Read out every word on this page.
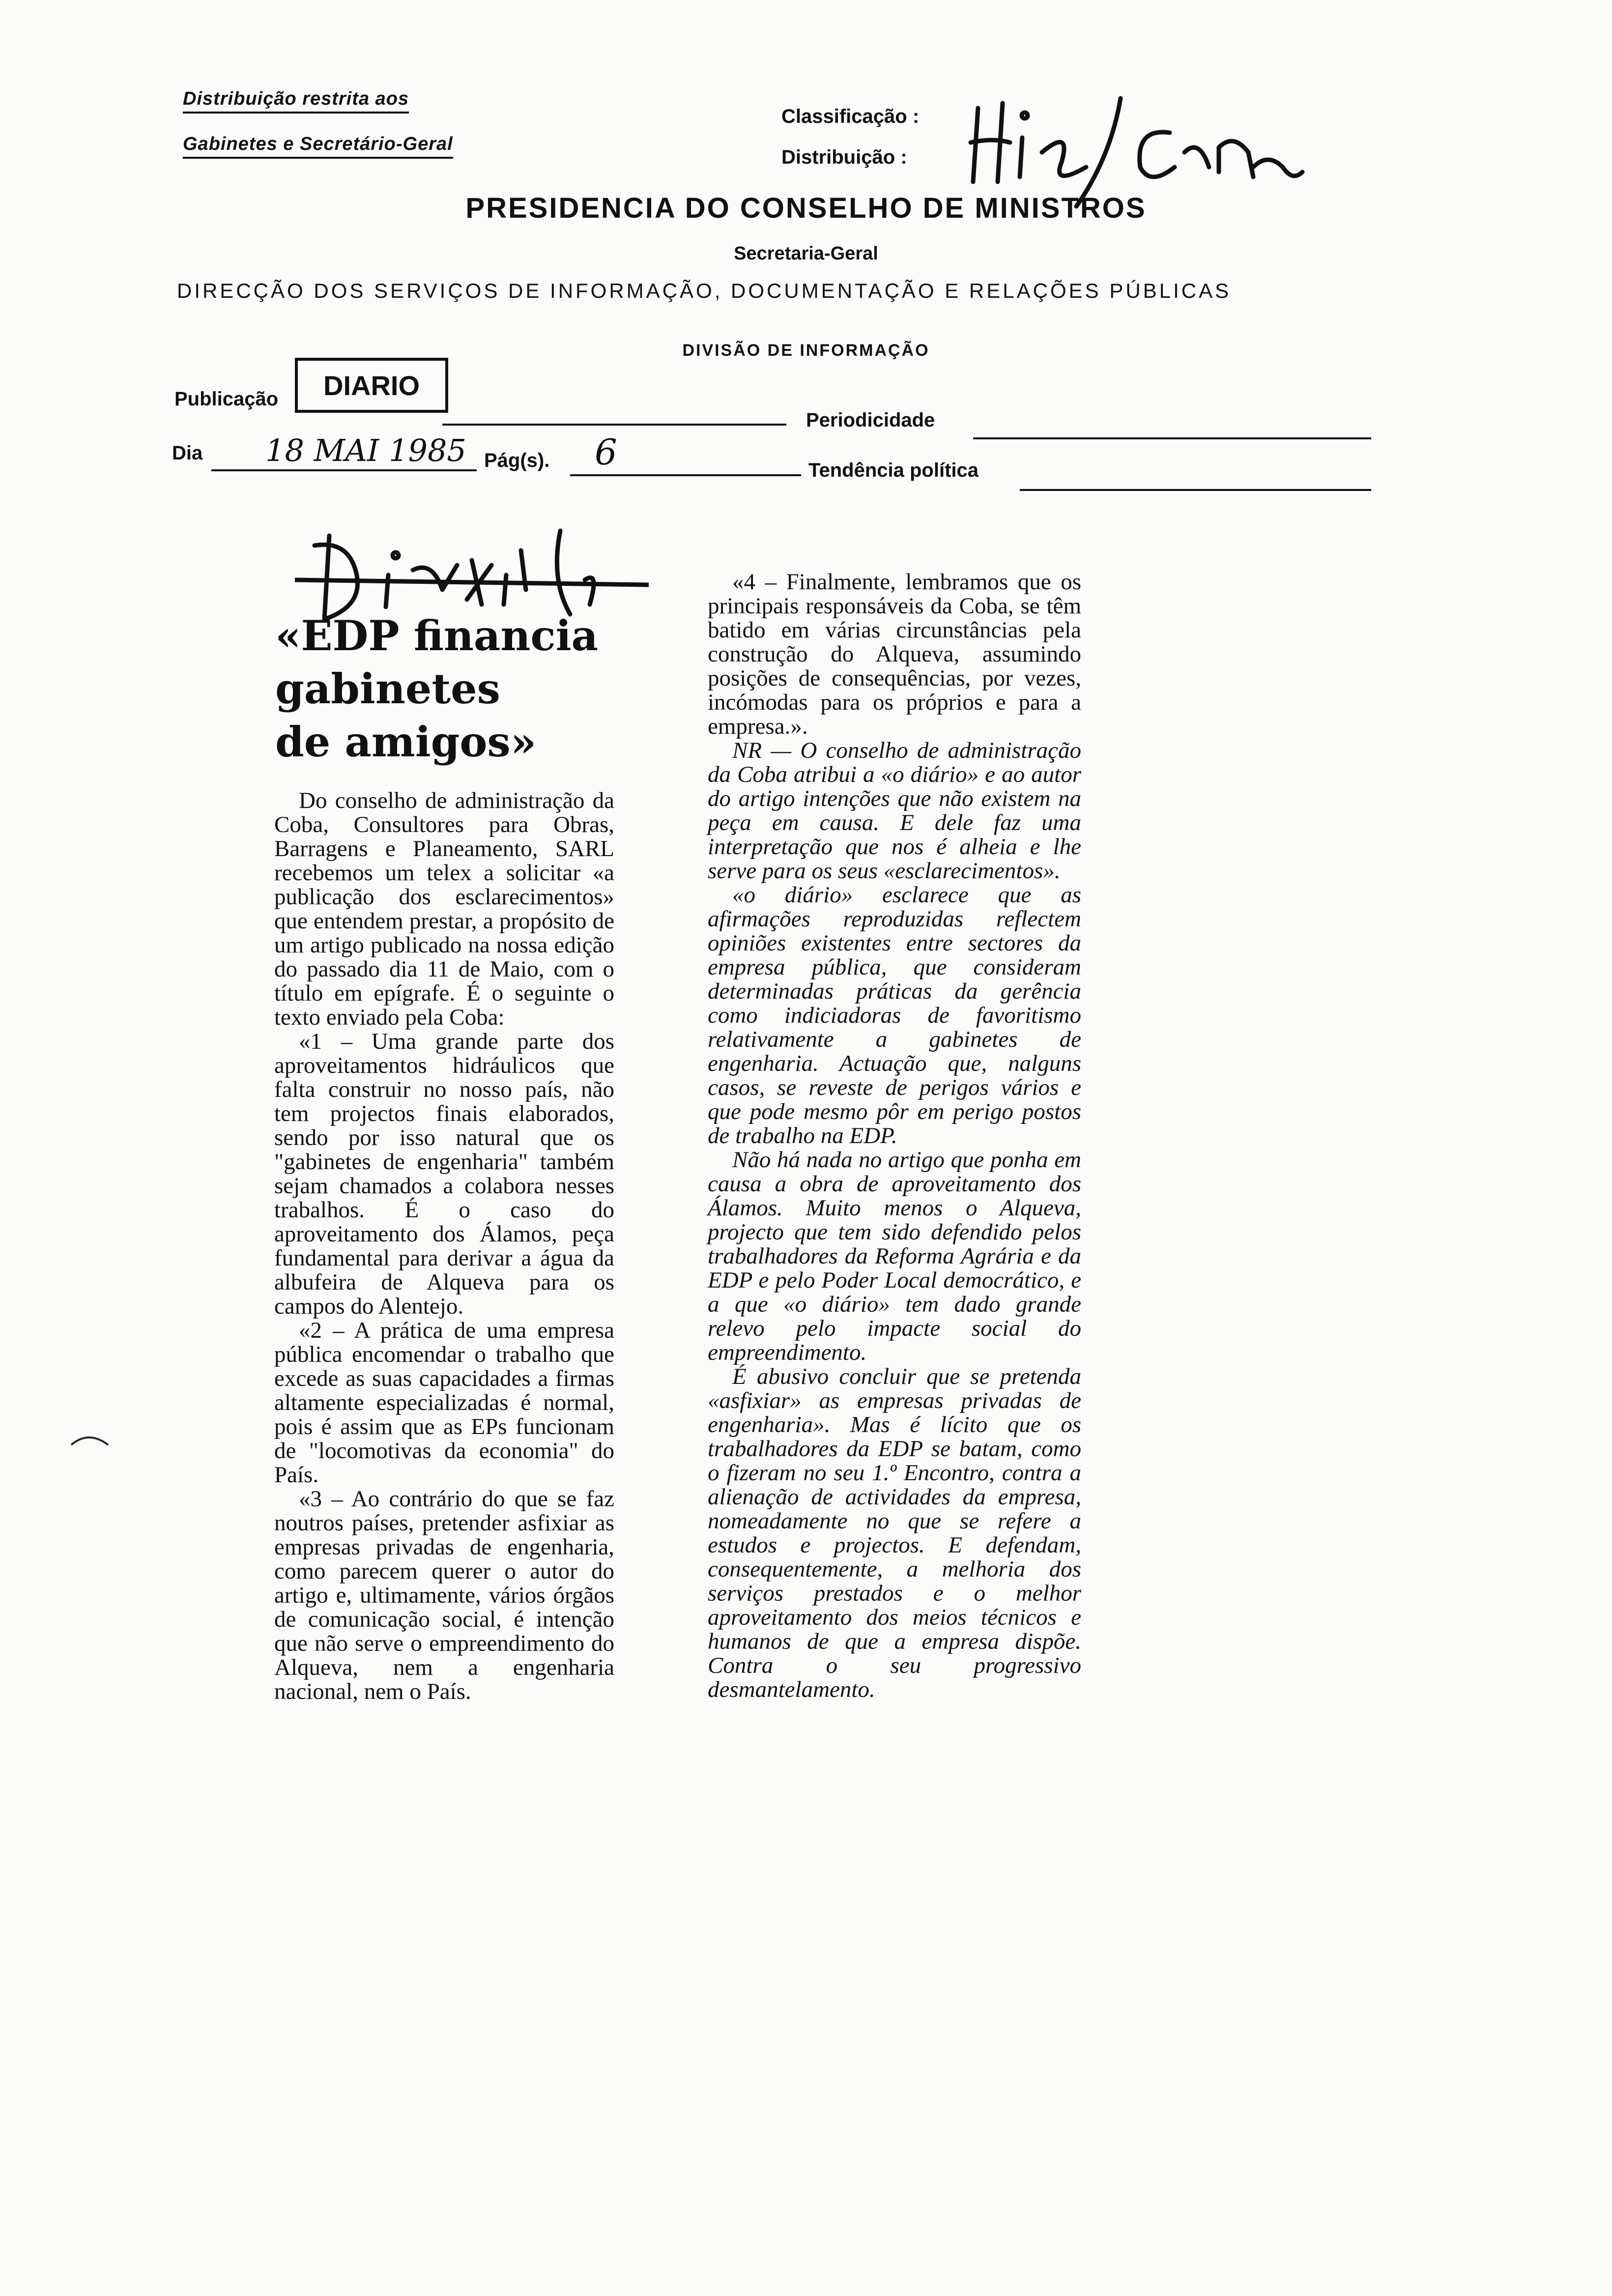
Distribuição restrita aos
Gabinetes e Secretário-Geral
Classificação :
Distribuição :
PRESIDENCIA DO CONSELHO DE MINISTROS
Secretaria-Geral
DIRECÇÃO DOS SERVIÇOS DE INFORMAÇÃO, DOCUMENTAÇÃO E RELAÇÕES PÚBLICAS
DIVISÃO DE INFORMAÇÃO
Publicação DIARIO
Periodicidade
Dia 18 MAI 1985 Pág(s). 6	Tendência política
«EDP financia
gabinetes
de amigos»

Do conselho de administração da Coba, Consultores para Obras, Barragens e Planeamento, SARL recebemos um telex a solicitar «a publicação dos esclarecimentos» que entendem prestar, a propósito de um artigo publicado na nossa edição do passado dia 11 de Maio, com o título em epígrafe. É o seguinte o texto enviado pela Coba:

«1 – Uma grande parte dos aproveitamentos hidráulicos que falta construir no nosso país, não tem projectos finais elaborados, sendo por isso natural que os "gabinetes de engenharia" também sejam chamados a colabora nesses trabalhos. É o caso do aproveitamento dos Álamos, peça fundamental para derivar a água da albufeira de Alqueva para os campos do Alentejo.

«2 – A prática de uma empresa pública encomendar o trabalho que excede as suas capacidades a firmas altamente especializadas é normal, pois é assim que as EPs funcionam de "locomotivas da economia" do País.

«3 – Ao contrário do que se faz noutros países, pretender asfixiar as empresas privadas de engenharia, como parecem querer o autor do artigo e, ultimamente, vários órgãos de comunicação social, é intenção que não serve o empreendimento do Alqueva, nem a engenharia nacional, nem o País.

«4 – Finalmente, lembramos que os principais responsáveis da Coba, se têm batido em várias circunstâncias pela construção do Alqueva, assumindo posições de consequências, por vezes, incómodas para os próprios e para a empresa.».

NR — O conselho de administração da Coba atribui a «o diário» e ao autor do artigo intenções que não existem na peça em causa. E dele faz uma interpretação que nos é alheia e lhe serve para os seus «esclarecimentos».

«o diário» esclarece que as afirmações reproduzidas reflectem opiniões existentes entre sectores da empresa pública, que consideram determinadas práticas da gerência como indiciadoras de favoritismo relativamente a gabinetes de engenharia. Actuação que, nalguns casos, se reveste de perigos vários e que pode mesmo pôr em perigo postos de trabalho na EDP.

Não há nada no artigo que ponha em causa a obra de aproveitamento dos Álamos. Muito menos o Alqueva, projecto que tem sido defendido pelos trabalhadores da Reforma Agrária e da EDP e pelo Poder Local democrático, e a que «o diário» tem dado grande relevo pelo impacte social do empreendimento.

É abusivo concluir que se pretenda «asfixiar» as empresas privadas de engenharia». Mas é lícito que os trabalhadores da EDP se batam, como o fizeram no seu 1.º Encontro, contra a alienação de actividades da empresa, nomeadamente no que se refere a estudos e projectos. E defendam, consequentemente, a melhoria dos serviços prestados e o melhor aproveitamento dos meios técnicos e humanos de que a empresa dispõe. Contra o seu progressivo desmantelamento.
